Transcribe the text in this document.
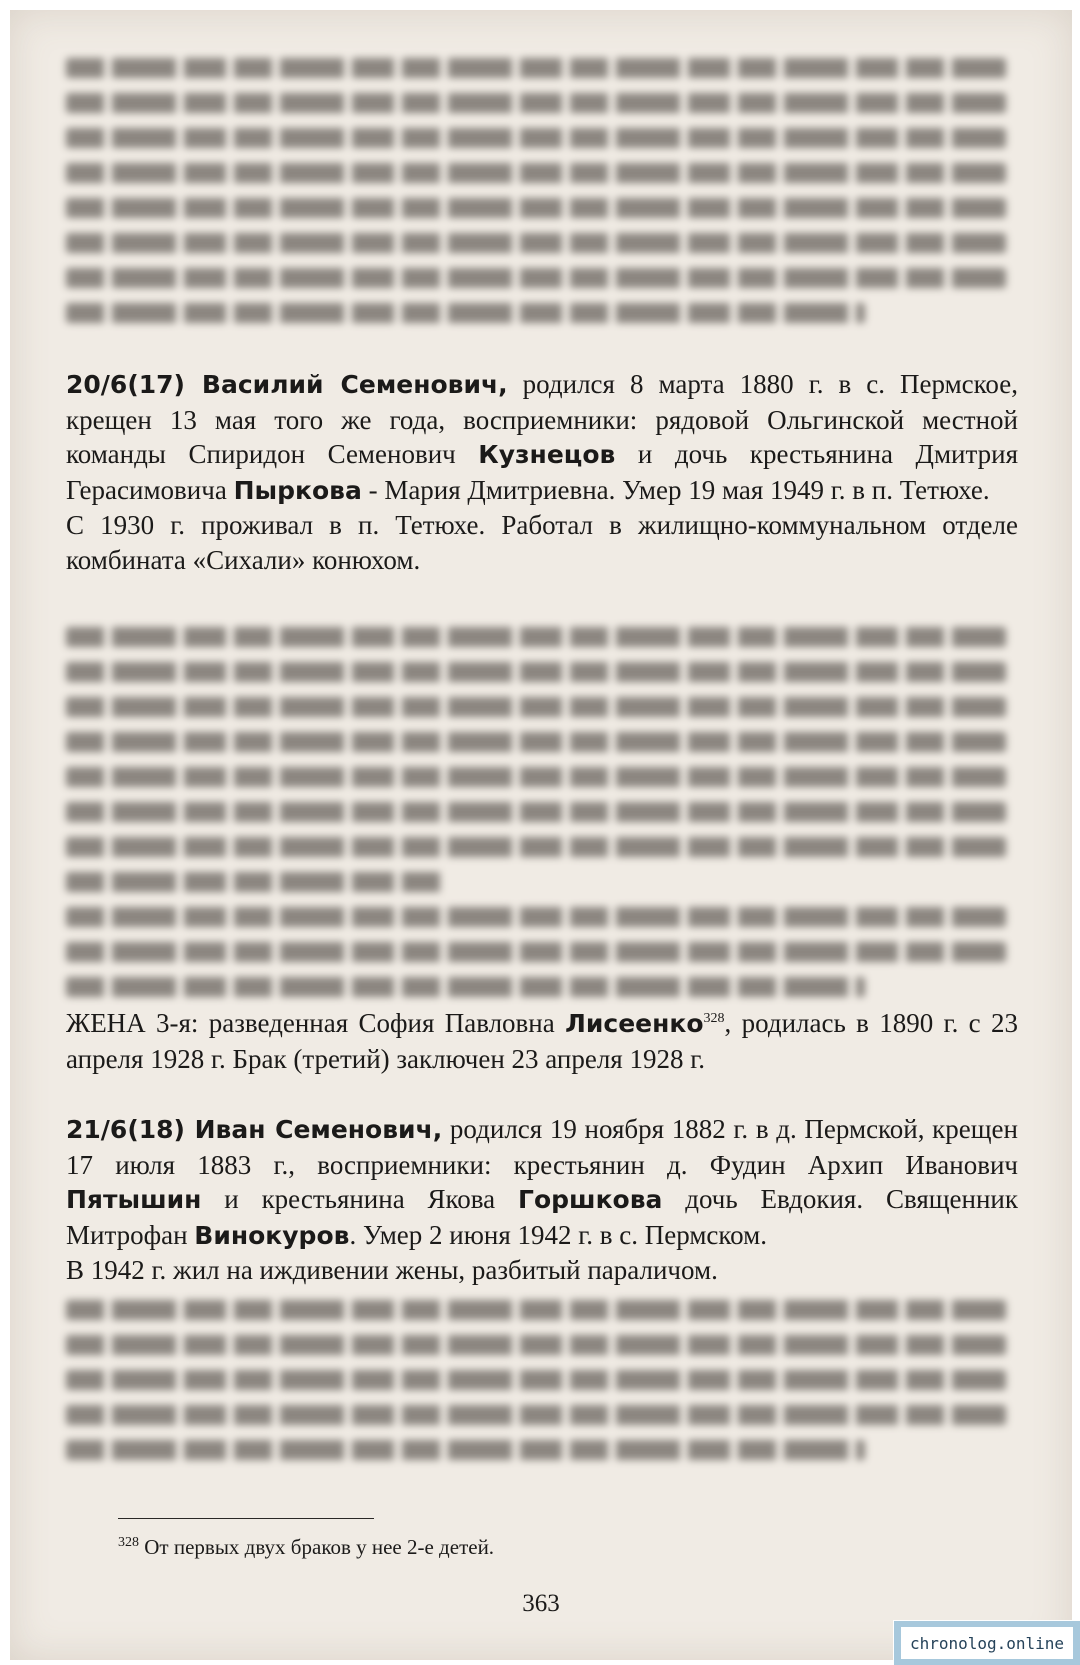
20/6(17) Василий Семенович, родился 8 марта 1880 г. в с. Пермское, крещен 13 мая того же года, восприемники: рядовой Ольгинской местной команды Спиридон Семенович Кузнецов и дочь крестьянина Дмитрия Герасимовича Пыркова - Мария Дмитриевна. Умер 19 мая 1949 г. в п. Тетюхе.

С 1930 г. проживал в п. Тетюхе. Работал в жилищно-коммунальном отделе комбината «Сихали» конюхом.

ЖЕНА 3-я: разведенная София Павловна Лисеенко$^{328}$, родилась в 1890 г. с 23 апреля 1928 г. Брак (третий) заключен 23 апреля 1928 г.

21/6(18) Иван Семенович, родился 19 ноября 1882 г. в д. Пермской, крещен 17 июля 1883 г., восприемники: крестьянин д. Фудин Архип Иванович Пятышин и крестьянина Якова Горшкова дочь Евдокия. Священник Митрофан Винокуров. Умер 2 июня 1942 г. в с. Пермском.

В 1942 г. жил на иждивении жены, разбитый параличом.

$^{328}$ От первых двух браков у нее 2-е детей.
363
chronolog.online
